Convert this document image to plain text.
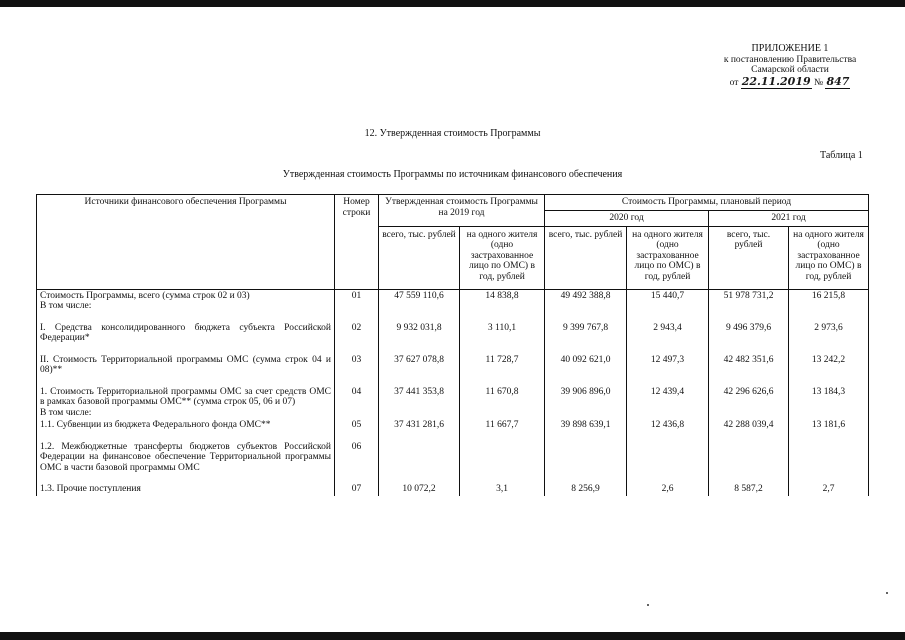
ПРИЛОЖЕНИЕ 1
к постановлению Правительства
Самарской области
от 22.11.2019 № 847
12. Утвержденная стоимость Программы
Таблица 1
Утвержденная стоимость Программы по источникам финансового обеспечения
Источники финансового обеспечения Программы	Номер строки	Утвержденная стоимость Программы на 2019 год		Стоимость Программы, плановый период			
				2020 год		2021 год	
		всего, тыс. рублей	на одного жителя (одно застрахованное лицо по ОМС) в год, рублей	всего, тыс. рублей	на одного жителя (одно застрахованное лицо по ОМС) в год, рублей	всего, тыс. рублей	на одного жителя (одно застрахованное лицо по ОМС) в год, рублей

Стоимость Программы, всего (сумма строк 02 и 03)
В том числе:	01	47 559 110,6	14 838,8	49 492 388,8	15 440,7	51 978 731,2	16 215,8
I. Средства консолидированного бюджета субъекта Российской Федерации*	02	9 932 031,8	3 110,1	9 399 767,8	2 943,4	9 496 379,6	2 973,6
II. Стоимость Территориальной программы ОМС (сумма строк 04 и 08)**	03	37 627 078,8	11 728,7	40 092 621,0	12 497,3	42 482 351,6	13 242,2

1. Стоимость Территориальной программы ОМС за счет средств ОМС в рамках базовой программы ОМС** (сумма строк 05, 06 и 07)
В том числе:	04	37 441 353,8	11 670,8	39 906 896,0	12 439,4	42 296 626,6	13 184,3
1.1. Субвенции из бюджета Федерального фонда ОМС**	05	37 431 281,6	11 667,7	39 898 639,1	12 436,8	42 288 039,4	13 181,6
1.2. Межбюджетные трансферты бюджетов субъектов Российской Федерации на финансовое обеспечение Территориальной программы ОМС в части базовой программы ОМС	06						
1.3. Прочие поступления	07	10 072,2	3,1	8 256,9	2,6	8 587,2	2,7
